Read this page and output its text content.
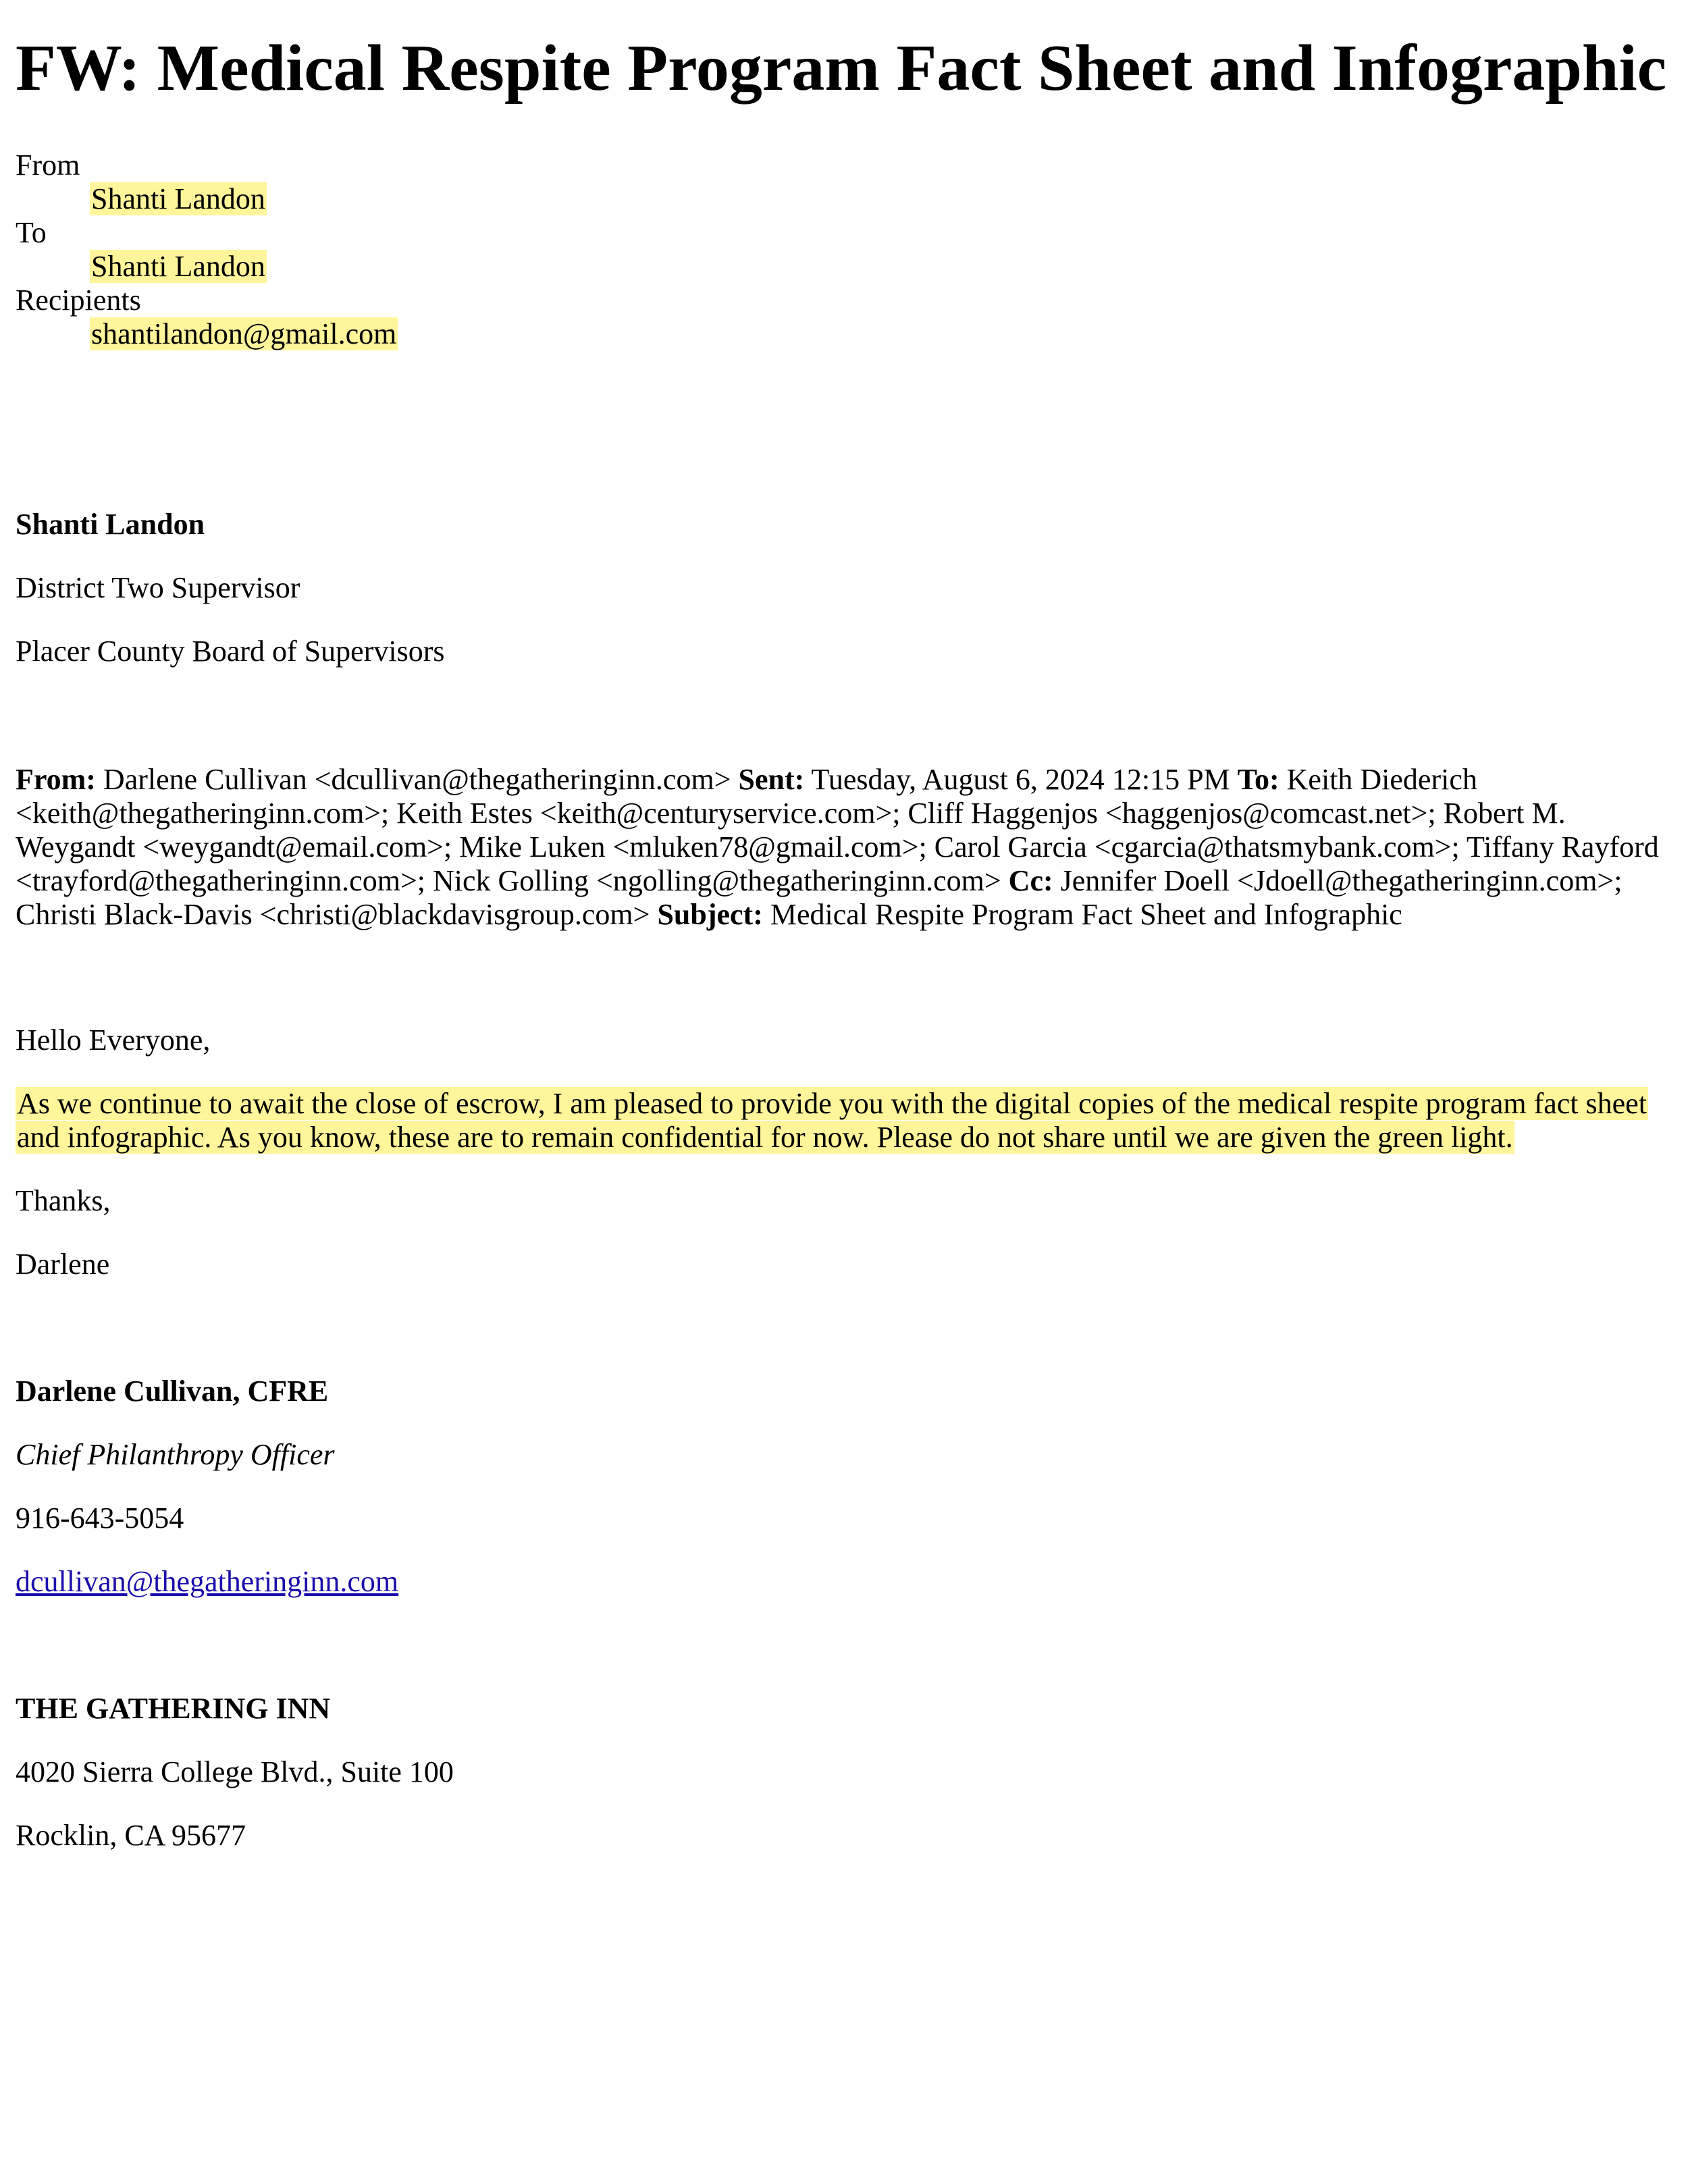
FW: Medical Respite Program Fact Sheet and Infographic
From
Shanti Landon
To
Shanti Landon
Recipients
shantilandon@gmail.com
Shanti Landon
District Two Supervisor
Placer County Board of Supervisors
From: Darlene Cullivan <dcullivan@thegatheringinn.com> Sent: Tuesday, August 6, 2024 12:15 PM To: Keith Diederich
<keith@thegatheringinn.com>; Keith Estes <keith@centuryservice.com>; Cliff Haggenjos <haggenjos@comcast.net>; Robert M.
Weygandt <weygandt@email.com>; Mike Luken <mluken78@gmail.com>; Carol Garcia <cgarcia@thatsmybank.com>; Tiffany Rayford
<trayford@thegatheringinn.com>; Nick Golling <ngolling@thegatheringinn.com> Cc: Jennifer Doell <Jdoell@thegatheringinn.com>;
Christi Black-Davis <christi@blackdavisgroup.com> Subject: Medical Respite Program Fact Sheet and Infographic
Hello Everyone,
As we continue to await the close of escrow, I am pleased to provide you with the digital copies of the medical respite program fact sheet
and infographic. As you know, these are to remain confidential for now. Please do not share until we are given the green light.
Thanks,
Darlene
Darlene Cullivan, CFRE
Chief Philanthropy Officer
916-643-5054
dcullivan@thegatheringinn.com
THE GATHERING INN
4020 Sierra College Blvd., Suite 100
Rocklin, CA 95677
